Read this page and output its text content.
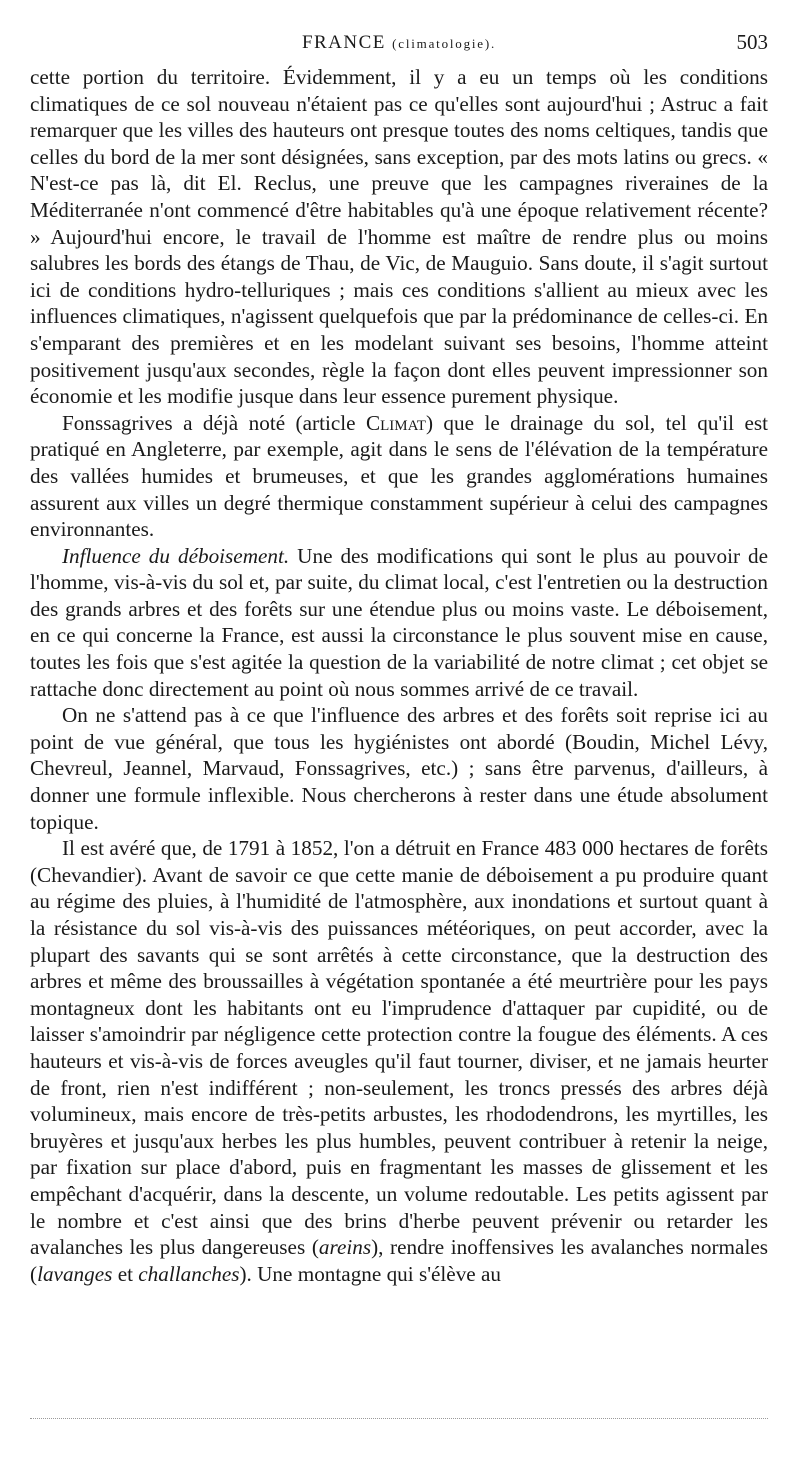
FRANCE (climatologie).	503

cette portion du territoire. Évidemment, il y a eu un temps où les conditions climatiques de ce sol nouveau n'étaient pas ce qu'elles sont aujourd'hui ; Astruc a fait remarquer que les villes des hauteurs ont presque toutes des noms celtiques, tandis que celles du bord de la mer sont désignées, sans exception, par des mots latins ou grecs. « N'est-ce pas là, dit El. Reclus, une preuve que les campagnes riveraines de la Méditerranée n'ont commencé d'être habitables qu'à une époque relativement récente? » Aujourd'hui encore, le travail de l'homme est maître de rendre plus ou moins salubres les bords des étangs de Thau, de Vic, de Mauguio. Sans doute, il s'agit surtout ici de conditions hydro-telluriques ; mais ces conditions s'allient au mieux avec les influences climatiques, n'agissent quelquefois que par la prédominance de celles-ci. En s'emparant des premières et en les modelant suivant ses besoins, l'homme atteint positivement jusqu'aux secondes, règle la façon dont elles peuvent impressionner son économie et les modifie jusque dans leur essence purement physique.

Fonssagrives a déjà noté (article Climat) que le drainage du sol, tel qu'il est pratiqué en Angleterre, par exemple, agit dans le sens de l'élévation de la température des vallées humides et brumeuses, et que les grandes agglomérations humaines assurent aux villes un degré thermique constamment supérieur à celui des campagnes environnantes.

Influence du déboisement. Une des modifications qui sont le plus au pouvoir de l'homme, vis-à-vis du sol et, par suite, du climat local, c'est l'entretien ou la destruction des grands arbres et des forêts sur une étendue plus ou moins vaste. Le déboisement, en ce qui concerne la France, est aussi la circonstance le plus souvent mise en cause, toutes les fois que s'est agitée la question de la variabilité de notre climat ; cet objet se rattache donc directement au point où nous sommes arrivé de ce travail.

On ne s'attend pas à ce que l'influence des arbres et des forêts soit reprise ici au point de vue général, que tous les hygiénistes ont abordé (Boudin, Michel Lévy, Chevreul, Jeannel, Marvaud, Fonssagrives, etc.) ; sans être parvenus, d'ailleurs, à donner une formule inflexible. Nous chercherons à rester dans une étude absolument topique.

Il est avéré que, de 1791 à 1852, l'on a détruit en France 483 000 hectares de forêts (Chevandier). Avant de savoir ce que cette manie de déboisement a pu produire quant au régime des pluies, à l'humidité de l'atmosphère, aux inondations et surtout quant à la résistance du sol vis-à-vis des puissances météoriques, on peut accorder, avec la plupart des savants qui se sont arrêtés à cette circonstance, que la destruction des arbres et même des broussailles à végétation spontanée a été meurtrière pour les pays montagneux dont les habitants ont eu l'imprudence d'attaquer par cupidité, ou de laisser s'amoindrir par négligence cette protection contre la fougue des éléments. A ces hauteurs et vis-à-vis de forces aveugles qu'il faut tourner, diviser, et ne jamais heurter de front, rien n'est indifférent ; non-seulement, les troncs pressés des arbres déjà volumineux, mais encore de très-petits arbustes, les rhododendrons, les myrtilles, les bruyères et jusqu'aux herbes les plus humbles, peuvent contribuer à retenir la neige, par fixation sur place d'abord, puis en fragmentant les masses de glissement et les empêchant d'acquérir, dans la descente, un volume redoutable. Les petits agissent par le nombre et c'est ainsi que des brins d'herbe peuvent prévenir ou retarder les avalanches les plus dangereuses (areins), rendre inoffensives les avalanches normales (lavanges et challanches). Une montagne qui s'élève au
